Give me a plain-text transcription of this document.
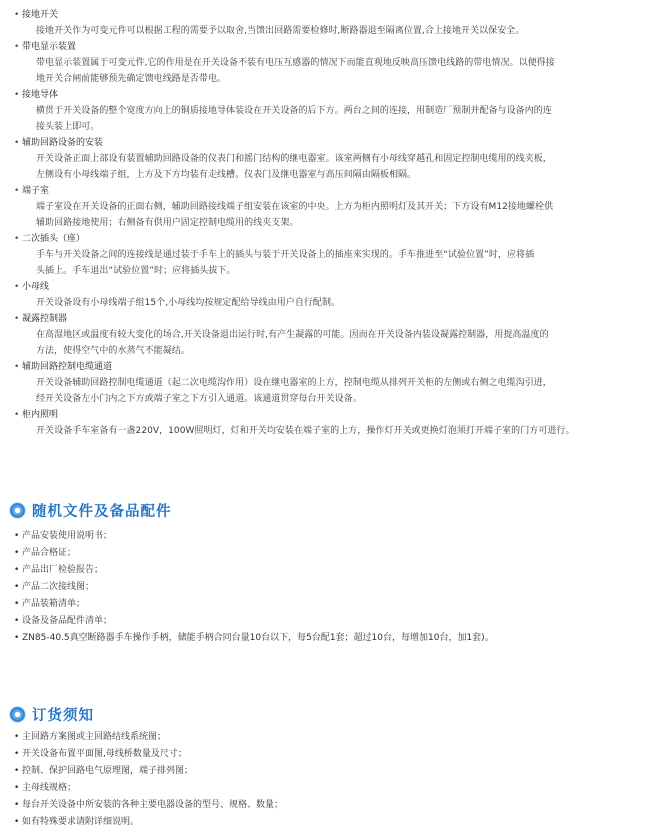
• 接地开关
接地开关作为可变元件可以根据工程的需要予以取舍,当馈出回路需要检修时,断路器退至隔离位置,合上接地开关以保安全。
• 带电显示装置
带电显示装置属于可变元件,它的作用是在开关设备不装有电压互感器的情况下而能直观地反映高压馈电线路的带电情况。以便得接
地开关合闸前能够预先确定馈电线路是否带电。
• 接地导体
横贯于开关设备的整个宽度方向上的铜质接地导体装设在开关设备的后下方。两台之间的连接，用制造厂预制并配备与设备内的连
接头装上即可。
• 辅助回路设备的安装
开关设备正面上部设有装置辅助回路设备的仪表门和摇门结构的继电器室。该室两侧有小母线穿越孔和固定控制电缆用的线夹板，
左侧设有小母线端子组，上方及下方均装有走线槽。仪表门及继电器室与高压间隔由隔板相隔。
• 端子室
端子室设在开关设备的正面右侧，辅助回路接线端子组安装在该室的中央。上方为柜内照明灯及其开关；下方设有M12接地螺栓供
辅助回路接地使用；右侧备有供用户固定控制电缆用的线夹支架。
• 二次插头（座）
手车与开关设备之间的连接线是通过装于手车上的插头与装于开关设备上的插座来实现的。手车推进至“试验位置”时，应将插
头插上。手车退出“试验位置”时；应将插头拔下。
• 小母线
开关设备设有小母线端子组15个,小母线均按规定配给导线由用户自行配制。
• 凝露控制器
在高湿地区或温度有较大变化的场合,开关设备退出运行时,有产生凝露的可能。因而在开关设备内装设凝露控制器，用提高温度的
方法，使得空气中的水蒸气不能凝结。
• 辅助回路控制电缆通道
开关设备辅助回路控制电缆通道（起二次电缆沟作用）设在继电器室的上方，控制电缆从排列开关柜的左侧或右侧之电缆沟引进，
经开关设备左小门内之下方或端子室之下方引入通道。该通道贯穿每台开关设备。
• 柜内照明
开关设备手车室备有一盏220V，100W照明灯，灯和开关均安装在端子室的上方，操作灯开关或更换灯泡须打开端子室的门方可进行。
随机文件及备品配件
• 产品安装使用说明书；
• 产品合格证；
• 产品出厂检验报告；
• 产品二次接线图；
• 产品装箱清单；
• 设备及备品配件清单；
• ZN85-40.5真空断路器手车操作手柄，储能手柄合同台量10台以下，每5台配1套；超过10台，每增加10台，加1套)。
订货须知
• 主回路方案图或主回路结线系统图；
• 开关设备布置平面图,母线桥数量及尺寸；
• 控制、保护回路电气原理图，端子排列图；
• 主母线规格；
• 每台开关设备中所安装的各种主要电器设备的型号、规格、数量；
• 如有特殊要求请附详细说明。
